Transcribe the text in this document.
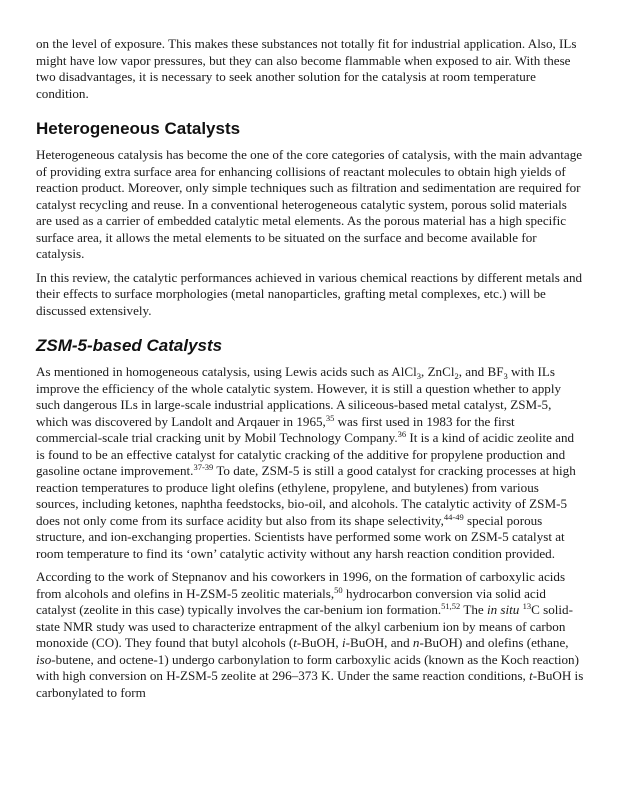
on the level of exposure. This makes these substances not totally fit for industrial application. Also, ILs might have low vapor pressures, but they can also become flammable when exposed to air. With these two disadvantages, it is necessary to seek another solution for the catalysis at room temperature condition.

Heterogeneous Catalysts

Heterogeneous catalysis has become the one of the core categories of catalysis, with the main advantage of providing extra surface area for enhancing collisions of reactant molecules to obtain high yields of reaction product. Moreover, only simple techniques such as filtration and sedimentation are required for catalyst recycling and reuse. In a conventional heterogeneous catalytic system, porous solid materials are used as a carrier of embedded catalytic metal elements. As the porous material has a high specific surface area, it allows the metal elements to be situated on the surface and become available for catalysis.

In this review, the catalytic performances achieved in various chemical reactions by different metals and their effects to surface morphologies (metal nanoparticles, grafting metal complexes, etc.) will be discussed extensively.

ZSM-5-based Catalysts

As mentioned in homogeneous catalysis, using Lewis acids such as AlCl$_3$, ZnCl$_2$, and $BF_3$ with ILs improve the efficiency of the whole catalytic system. However, it is still a question whether to apply such dangerous ILs in large-scale industrial applications. A siliceous-based metal catalyst, ZSM-5, which was discovered by Landolt and Arqauer in 1965,35 was first used in 1983 for the first commercial-scale trial cracking unit by Mobil Technology Company.$^{36}$ It is a kind of acidic zeolite and is found to be an effective catalyst for catalytic cracking of the additive for propylene production and gasoline octane improvement.$^{37-39}$ To date, ZSM-5 is still a good catalyst for cracking processes at high reaction temperatures to produce light olefins (ethylene, propylene, and butylenes) from various sources, including ketones, naphtha feedstocks, bio-oil, and alcohols. The catalytic activity of ZSM-5 does not only come from its surface acidity but also from its shape selectivity,$^{44-49}$ special porous structure, and ion-exchanging properties. Scientists have performed some work on ZSM-5 catalyst at room temperature to find its ‘own’ catalytic activity without any harsh reaction condition provided.

According to the work of Stepnanov and his coworkers in 1996, on the formation of carboxylic acids from alcohols and olefins in H-ZSM-5 zeolitic materials,$^{50}$ hydrocarbon conversion via solid acid catalyst (zeolite in this case) typically involves the car-benium ion formation.$^{51,52}$ The in situ $^{13}$C solid-state NMR study was used to characterize entrapment of the alkyl carbenium ion by means of carbon monoxide (CO). They found that butyl alcohols (t-BuOH, i-BuOH, and n-BuOH) and olefins (ethane, iso-butene, and octene-1) undergo carbonylation to form carboxylic acids (known as the Koch reaction) with high conversion on H-ZSM-5 zeolite at 296–373 K. Under the same reaction conditions, t-BuOH is carbonylated to form
